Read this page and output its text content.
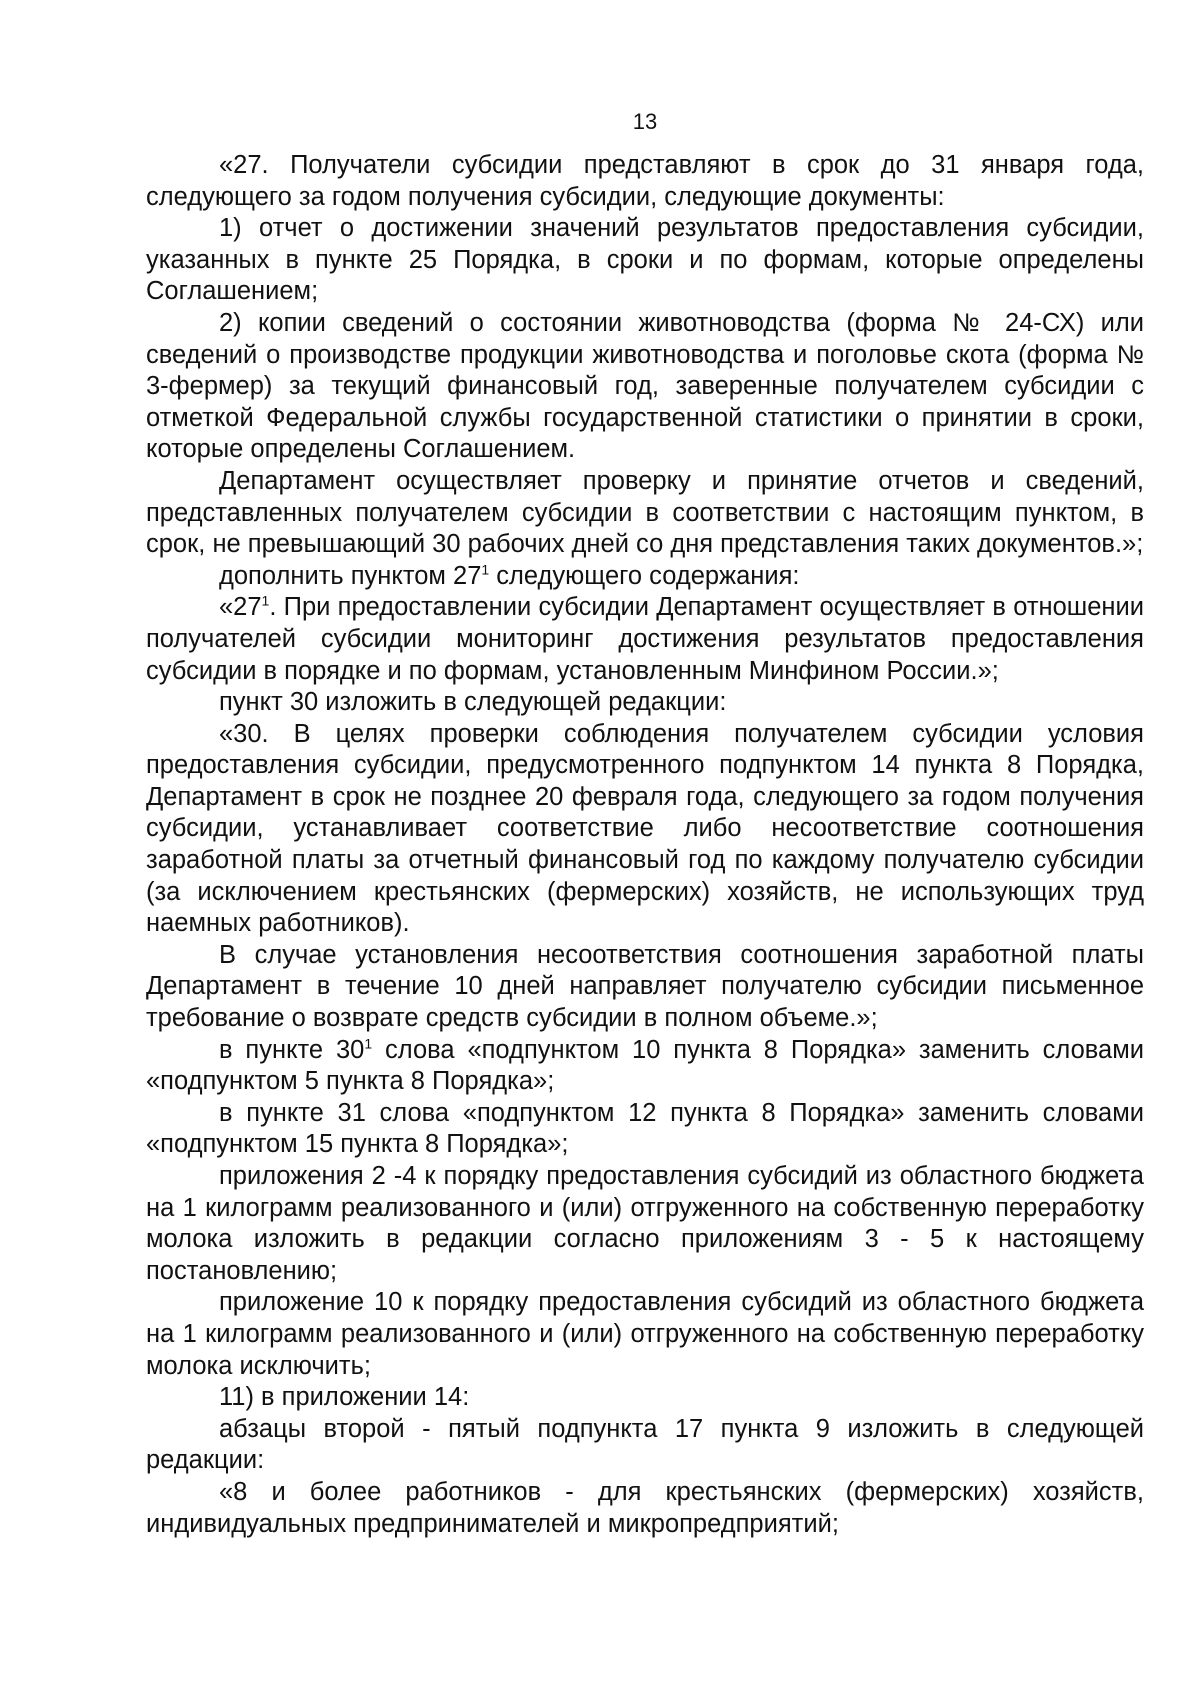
13

«27. Получатели субсидии представляют в срок до 31 января года, следующего за годом получения субсидии, следующие документы:

1) отчет о достижении значений результатов предоставления субсидии, указанных в пункте 25 Порядка, в сроки и по формам, которые определены Соглашением;

2) копии сведений о состоянии животноводства (форма № 24-СХ) или сведений о производстве продукции животноводства и поголовье скота (форма № 3-фермер) за текущий финансовый год, заверенные получателем субсидии с отметкой Федеральной службы государственной статистики о принятии в сроки, которые определены Соглашением.

Департамент осуществляет проверку и принятие отчетов и сведений, представленных получателем субсидии в соответствии с настоящим пунктом, в срок, не превышающий 30 рабочих дней со дня представления таких документов.»;

дополнить пунктом $27^1$ следующего содержания:

«$27^1$. При предоставлении субсидии Департамент осуществляет в отношении получателей субсидии мониторинг достижения результатов предоставления субсидии в порядке и по формам, установленным Минфином России.»;

пункт 30 изложить в следующей редакции:

«30. В целях проверки соблюдения получателем субсидии условия предоставления субсидии, предусмотренного подпунктом 14 пункта 8 Порядка, Департамент в срок не позднее 20 февраля года, следующего за годом получения субсидии, устанавливает соответствие либо несоответствие соотношения заработной платы за отчетный финансовый год по каждому получателю субсидии (за исключением крестьянских (фермерских) хозяйств, не использующих труд наемных работников).

В случае установления несоответствия соотношения заработной платы Департамент в течение 10 дней направляет получателю субсидии письменное требование о возврате средств субсидии в полном объеме.»;

в пункте $30^1$ слова «подпунктом 10 пункта 8 Порядка» заменить словами «подпунктом 5 пункта 8 Порядка»;

в пункте 31 слова «подпунктом 12 пункта 8 Порядка» заменить словами «подпунктом 15 пункта 8 Порядка»;

приложения 2 -4 к порядку предоставления субсидий из областного бюджета на 1 килограмм реализованного и (или) отгруженного на собственную переработку молока изложить в редакции согласно приложениям 3 - 5 к настоящему постановлению;

приложение 10 к порядку предоставления субсидий из областного бюджета на 1 килограмм реализованного и (или) отгруженного на собственную переработку молока исключить;

11) в приложении 14:

абзацы второй - пятый подпункта 17 пункта 9 изложить в следующей редакции:

«8 и более работников - для крестьянских (фермерских) хозяйств, индивидуальных предпринимателей и микропредприятий;
